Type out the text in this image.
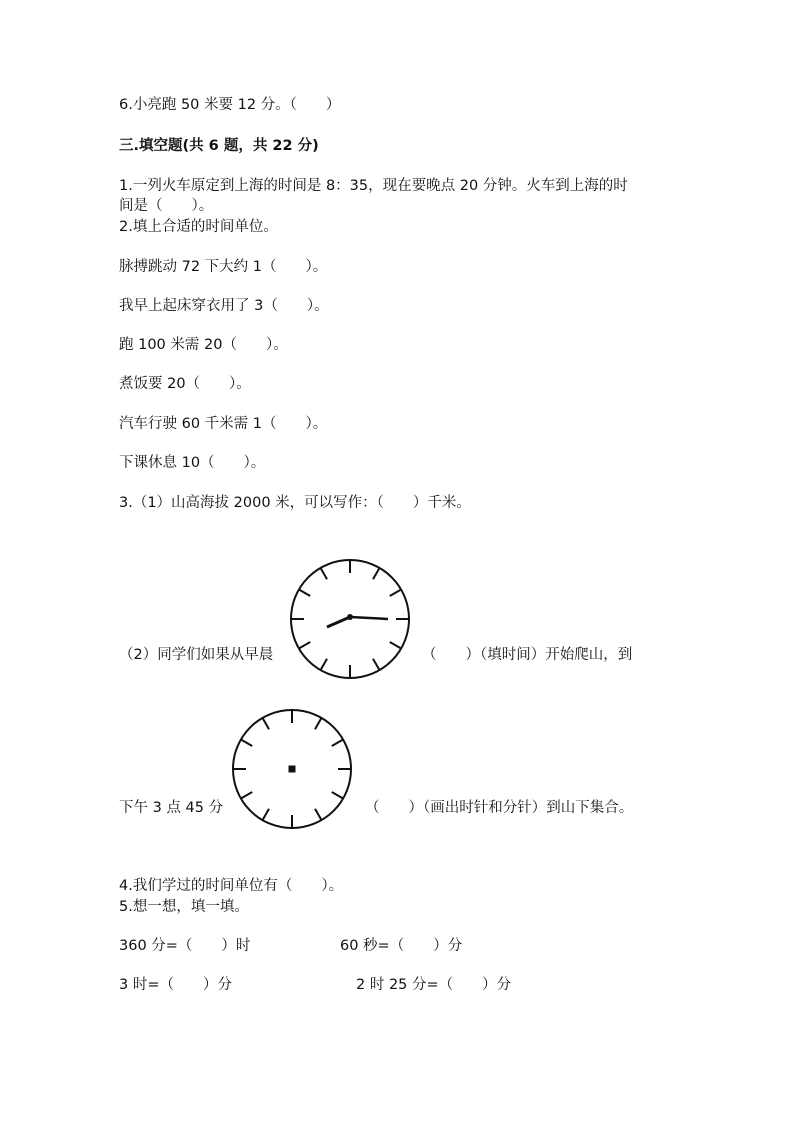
6.小亮跑 50 米要 12 分。（　　）
三.填空题(共 6 题，共 22 分)
1.一列火车原定到上海的时间是 8：35，现在要晚点 20 分钟。火车到上海的时
间是（　　）。
2.填上合适的时间单位。
脉搏跳动 72 下大约 1（　　）。
我早上起床穿衣用了 3（　　）。
跑 100 米需 20（　　）。
煮饭要 20（　　）。
汽车行驶 60 千米需 1（　　）。
下课休息 10（　　）。
3.（1）山高海拔 2000 米，可以写作：（　　）千米。
（2）同学们如果从早晨	（　　）（填时间）开始爬山，到
下午 3 点 45 分	（　　）（画出时针和分针）到山下集合。
4.我们学过的时间单位有（　　）。
5.想一想，填一填。
360 分=（　　）时	60 秒=（　　）分
3 时=（　　）分	2 时 25 分=（　　）分
